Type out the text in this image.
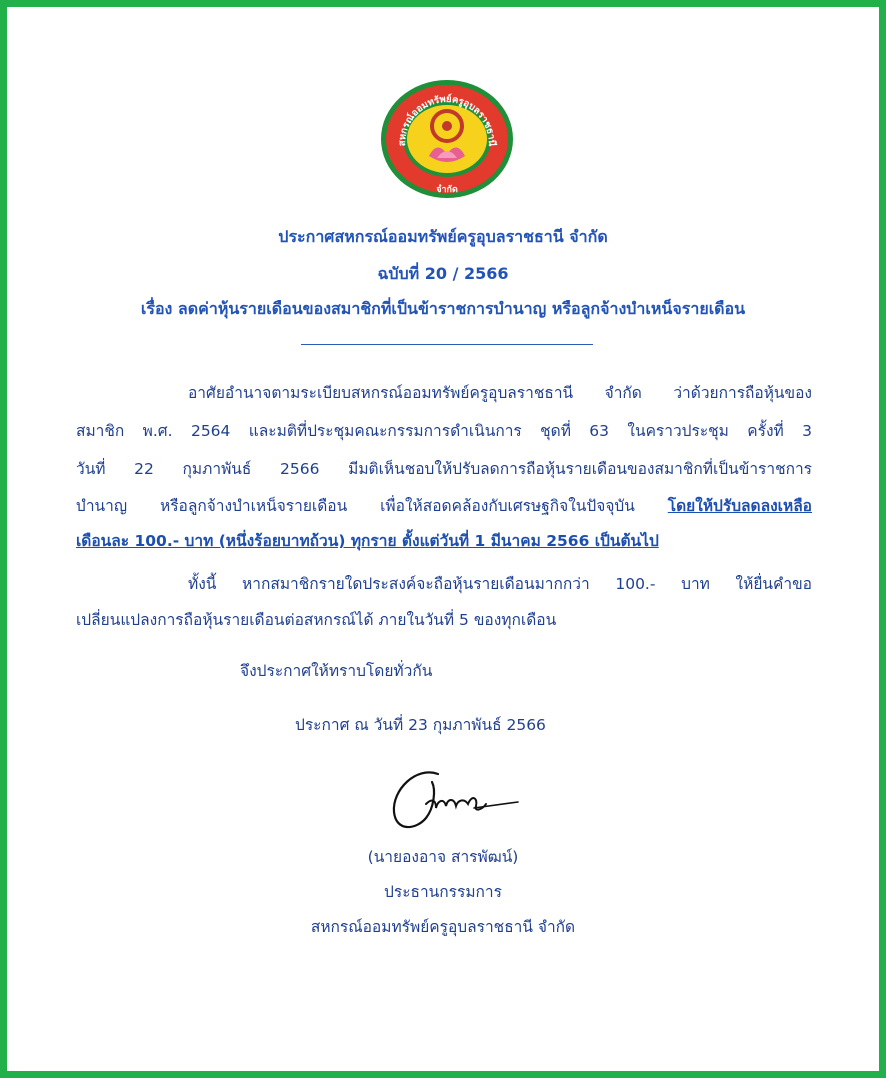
สหกรณ์ออมทรัพย์ครูอุบลราชธานี
จำกัด
ประกาศสหกรณ์ออมทรัพย์ครูอุบลราชธานี จำกัด
ฉบับที่ 20 / 2566
เรื่อง ลดค่าหุ้นรายเดือนของสมาชิกที่เป็นข้าราชการบำนาญ หรือลูกจ้างบำเหน็จรายเดือน
อาศัยอำนาจตามระเบียบสหกรณ์ออมทรัพย์ครูอุบลราชธานี จำกัด ว่าด้วยการถือหุ้นของ
สมาชิก พ.ศ. 2564 และมติที่ประชุมคณะกรรมการดำเนินการ ชุดที่ 63 ในคราวประชุม ครั้งที่ 3
วันที่ 22 กุมภาพันธ์ 2566 มีมติเห็นชอบให้ปรับลดการถือหุ้นรายเดือนของสมาชิกที่เป็นข้าราชการ
บำนาญ หรือลูกจ้างบำเหน็จรายเดือน เพื่อให้สอดคล้องกับเศรษฐกิจในปัจจุบัน โดยให้ปรับลดลงเหลือ
เดือนละ 100.- บาท (หนึ่งร้อยบาทถ้วน) ทุกราย ตั้งแต่วันที่ 1 มีนาคม 2566 เป็นต้นไป
ทั้งนี้ หากสมาชิกรายใดประสงค์จะถือหุ้นรายเดือนมากกว่า 100.- บาท ให้ยื่นคำขอ
เปลี่ยนแปลงการถือหุ้นรายเดือนต่อสหกรณ์ได้ ภายในวันที่ 5 ของทุกเดือน
จึงประกาศให้ทราบโดยทั่วกัน
ประกาศ ณ วันที่ 23 กุมภาพันธ์ 2566
(นายองอาจ สารพัฒน์)
ประธานกรรมการ
สหกรณ์ออมทรัพย์ครูอุบลราชธานี จำกัด
